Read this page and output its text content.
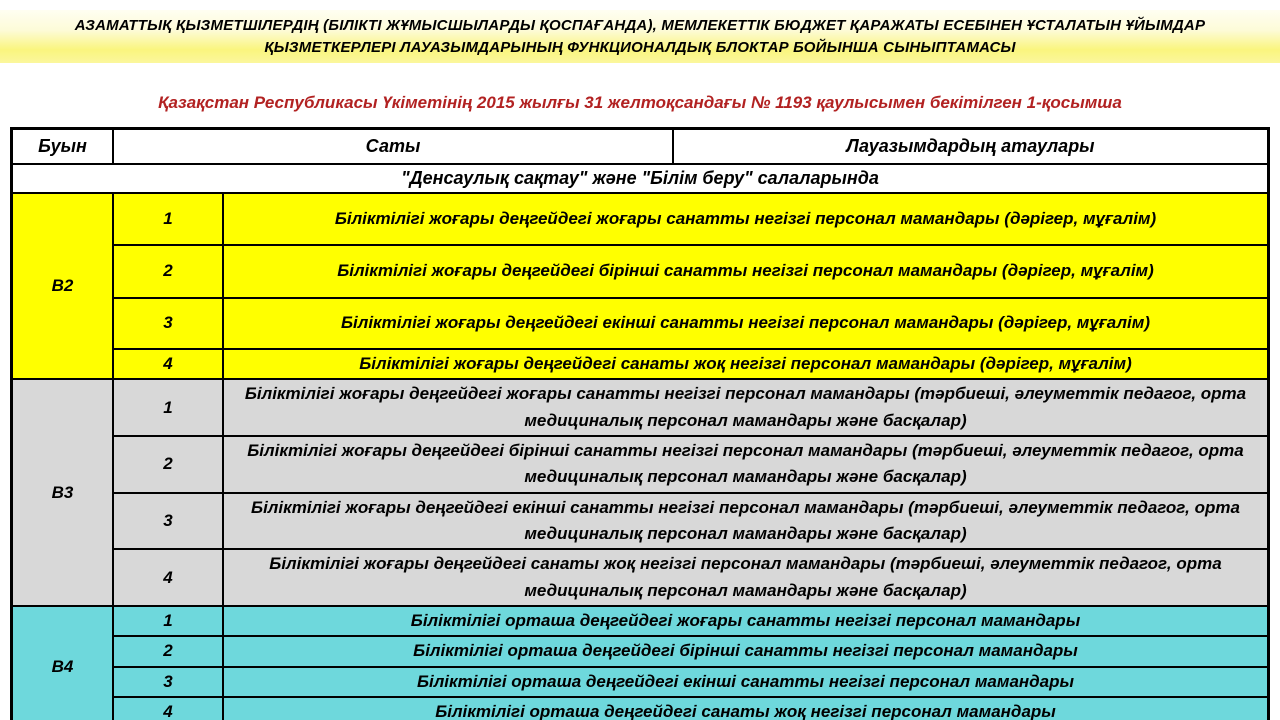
АЗАМАТТЫҚ ҚЫЗМЕТШІЛЕРДІҢ (БІЛІКТІ ЖҰМЫСШЫЛАРДЫ ҚОСПАҒАНДА), МЕМЛЕКЕТТІК БЮДЖЕТ ҚАРАЖАТЫ ЕСЕБІНЕН ҰСТАЛАТЫН ҰЙЫМДАР
ҚЫЗМЕТКЕРЛЕРІ ЛАУАЗЫМДАРЫНЫҢ ФУНКЦИОНАЛДЫҚ БЛОКТАР БОЙЫНША СЫНЫПТАМАСЫ
Қазақстан Республикасы Үкіметінің 2015 жылғы 31 желтоқсандағы № 1193 қаулысымен бекітілген 1-қосымша
Буын	Саты	Лауазымдардың атаулары
"Денсаулық сақтау" және "Білім беру" салаларында
B2	1	Біліктілігі жоғары деңгейдегі жоғары санатты негізгі персонал мамандары (дәрігер, мұғалім)
	2	Біліктілігі жоғары деңгейдегі бірінші санатты негізгі персонал мамандары (дәрігер, мұғалім)
	3	Біліктілігі жоғары деңгейдегі екінші санатты негізгі персонал мамандары (дәрігер, мұғалім)
	4	Біліктілігі жоғары деңгейдегі санаты жоқ негізгі персонал мамандары (дәрігер, мұғалім)
B3	1	Біліктілігі жоғары деңгейдегі жоғары санатты негізгі персонал мамандары (тәрбиеші, әлеуметтік педагог, орта медициналық персонал мамандары және басқалар)
	2	Біліктілігі жоғары деңгейдегі бірінші санатты негізгі персонал мамандары (тәрбиеші, әлеуметтік педагог, орта медициналық персонал мамандары және басқалар)
	3	Біліктілігі жоғары деңгейдегі екінші санатты негізгі персонал мамандары (тәрбиеші, әлеуметтік педагог, орта медициналық персонал мамандары және басқалар)
	4	Біліктілігі жоғары деңгейдегі санаты жоқ негізгі персонал мамандары (тәрбиеші, әлеуметтік педагог, орта медициналық персонал мамандары және басқалар)
B4	1	Біліктілігі орташа деңгейдегі жоғары санатты негізгі персонал мамандары
	2	Біліктілігі орташа деңгейдегі бірінші санатты негізгі персонал мамандары
	3	Біліктілігі орташа деңгейдегі екінші санатты негізгі персонал мамандары
	4	Біліктілігі орташа деңгейдегі санаты жоқ негізгі персонал мамандары
